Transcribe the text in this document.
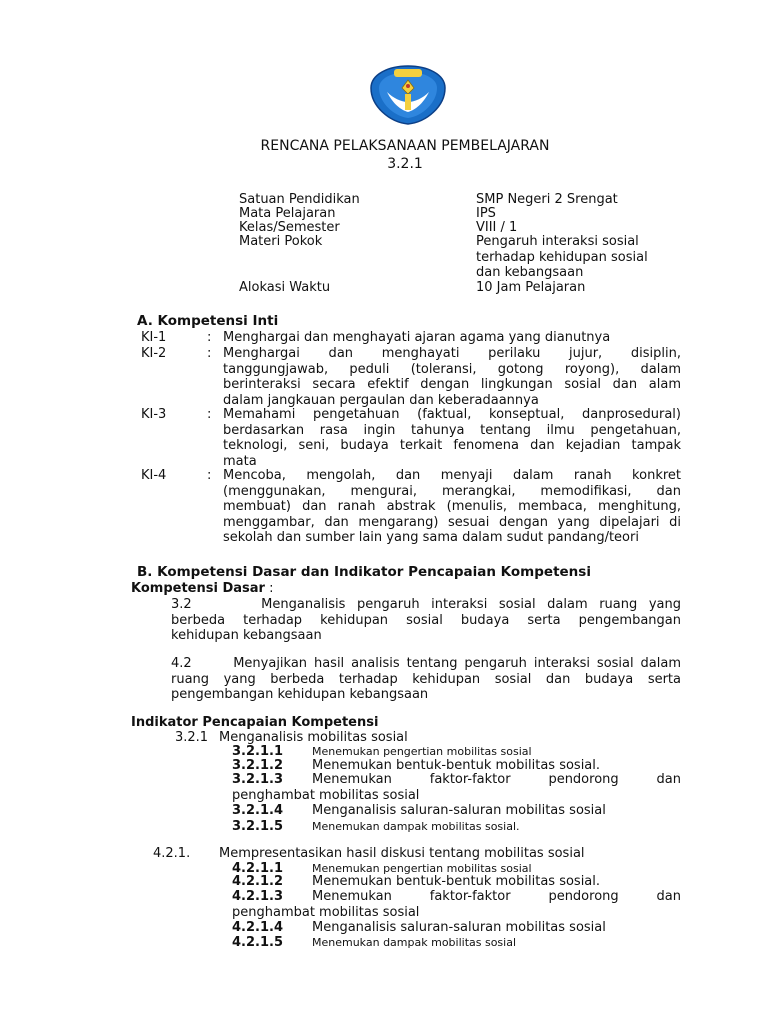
RENCANA PELAKSANAAN PEMBELAJARAN
3.2.1
Satuan Pendidikan	SMP Negeri 2 Srengat
Mata Pelajaran	IPS
Kelas/Semester	VIII / 1
Materi Pokok	Pengaruh interaksi sosial
terhadap kehidupan sosial
dan kebangsaan
Alokasi Waktu	10 Jam Pelajaran
A. Kompetensi Inti
KI-1	: Menghargai dan menghayati ajaran agama yang dianutnya
KI-2	: Menghargai dan menghayati perilaku jujur, disiplin,
tanggungjawab, peduli (toleransi, gotong royong), dalam
berinteraksi secara efektif dengan lingkungan sosial dan alam
dalam jangkauan pergaulan dan keberadaannya
KI-3	: Memahami pengetahuan (faktual, konseptual, danprosedural)
berdasarkan rasa ingin tahunya tentang ilmu pengetahuan,
teknologi, seni, budaya terkait fenomena dan kejadian tampak
mata
KI-4	: Mencoba, mengolah, dan menyaji dalam ranah konkret
(menggunakan, mengurai, merangkai, memodifikasi, dan
membuat) dan ranah abstrak (menulis, membaca, menghitung,
menggambar, dan mengarang) sesuai dengan yang dipelajari di
sekolah dan sumber lain yang sama dalam sudut pandang/teori
B. Kompetensi Dasar dan Indikator Pencapaian Kompetensi
Kompetensi Dasar :
3.2      Menganalisis pengaruh interaksi sosial dalam ruang yang
berbeda terhadap kehidupan sosial budaya serta pengembangan
kehidupan kebangsaan
4.2      Menyajikan hasil analisis tentang pengaruh interaksi sosial dalam
ruang yang berbeda terhadap kehidupan sosial dan budaya serta
pengembangan kehidupan kebangsaan
Indikator Pencapaian Kompetensi
3.2.1 Menganalisis mobilitas sosial
3.2.1.1	Menemukan pengertian mobilitas sosial
3.2.1.2 Menemukan bentuk-bentuk mobilitas sosial.
3.2.1.3 Menemukan faktor-faktor pendorong dan
penghambat mobilitas sosial
3.2.1.4 Menganalisis saluran-saluran mobilitas sosial
3.2.1.5	Menemukan dampak mobilitas sosial.
4.2.1. Mempresentasikan hasil diskusi tentang mobilitas sosial
4.2.1.1	Menemukan pengertian mobilitas sosial
4.2.1.2 Menemukan bentuk-bentuk mobilitas sosial.
4.2.1.3 Menemukan faktor-faktor pendorong dan
penghambat mobilitas sosial
4.2.1.4 Menganalisis saluran-saluran mobilitas sosial
4.2.1.5	Menemukan dampak mobilitas sosial
